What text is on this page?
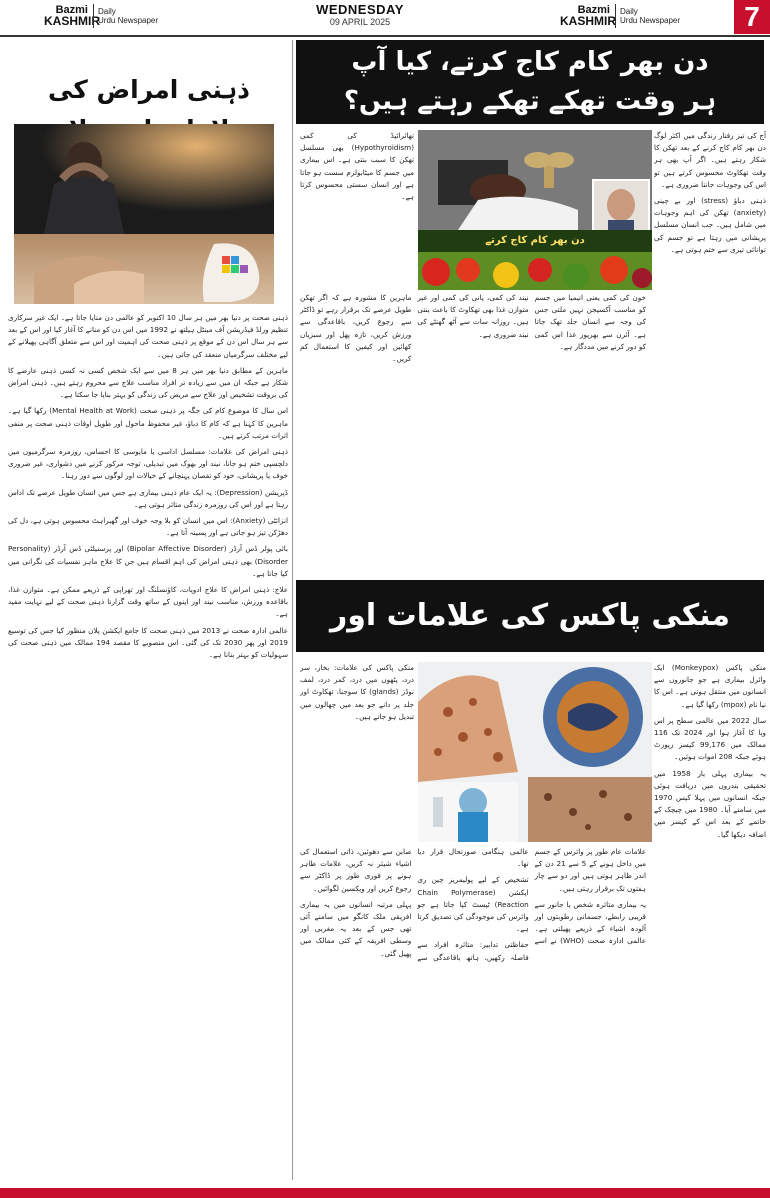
Bazmi
KASHMIR
Daily
Urdu Newspaper
WEDNESDAY
09 APRIL 2025
Bazmi
KASHMIR
Daily
Urdu Newspaper	7
ذہنی امراض کی

ذہنی صحت پر دنیا بھر میں ہر سال 10 اکتوبر کو عالمی دن منایا جاتا ہے۔ ایک غیر سرکاری تنظیم ورلڈ فیڈریشن آف مینٹل ہیلتھ نے 1992 میں اس دن کو منانے کا آغاز کیا اور اس کے بعد سے ہر سال اس دن کے موقع پر ذہنی صحت کی اہمیت اور اس سے متعلق آگاہی پھیلانے کے لیے مختلف سرگرمیاں منعقد کی جاتی ہیں۔

ماہرین کے مطابق دنیا بھر میں ہر 8 میں سے ایک شخص کسی نہ کسی ذہنی عارضے کا شکار ہے جبکہ ان میں سے زیادہ تر افراد مناسب علاج سے محروم رہتے ہیں۔ ذہنی امراض کی بروقت تشخیص اور علاج سے مریض کی زندگی کو بہتر بنایا جا سکتا ہے۔

اس سال کا موضوع کام کی جگہ پر ذہنی صحت (Mental Health at Work) رکھا گیا ہے۔ ماہرین کا کہنا ہے کہ کام کا دباؤ، غیر محفوظ ماحول اور طویل اوقات ذہنی صحت پر منفی اثرات مرتب کرتے ہیں۔

ذہنی امراض کی علامات: مسلسل اداسی یا مایوسی کا احساس، روزمرہ سرگرمیوں میں دلچسپی ختم ہو جانا، نیند اور بھوک میں تبدیلی، توجہ مرکوز کرنے میں دشواری، غیر ضروری خوف یا پریشانی، خود کو نقصان پہنچانے کے خیالات اور لوگوں سے دور رہنا۔

ڈپریشن (Depression): یہ ایک عام ذہنی بیماری ہے جس میں انسان طویل عرصے تک اداس رہتا ہے اور اس کی روزمرہ زندگی متاثر ہوتی ہے۔

انزائٹی (Anxiety): اس میں انسان کو بلا وجہ خوف اور گھبراہٹ محسوس ہوتی ہے، دل کی دھڑکن تیز ہو جاتی ہے اور پسینہ آتا ہے۔

بائی پولر ڈس آرڈر (Bipolar Affective Disorder) اور پرسنیلٹی ڈس آرڈر (Personality Disorder) بھی ذہنی امراض کی اہم اقسام ہیں جن کا علاج ماہر نفسیات کی نگرانی میں کیا جاتا ہے۔

علاج: ذہنی امراض کا علاج ادویات، کاؤنسلنگ اور تھراپی کے ذریعے ممکن ہے۔ متوازن غذا، باقاعدہ ورزش، مناسب نیند اور اپنوں کے ساتھ وقت گزارنا ذہنی صحت کے لیے نہایت مفید ہے۔

عالمی ادارہ صحت نے 2013 میں ذہنی صحت کا جامع ایکشن پلان منظور کیا جس کی توسیع 2019 اور پھر 2030 تک کی گئی۔ اس منصوبے کا مقصد 194 ممالک میں ذہنی صحت کی سہولیات کو بہتر بنانا ہے۔

دن بھر کام کاج کرتے، کیا آپ
ہر وقت تھکے تھکے رہتے ہیں؟
دن بھر کام کاج کرتے

آج کی تیز رفتار زندگی میں اکثر لوگ دن بھر کام کاج کرنے کے بعد تھکن کا شکار رہتے ہیں۔ اگر آپ بھی ہر وقت تھکاوٹ محسوس کرتے ہیں تو اس کی وجوہات جاننا ضروری ہے۔

ذہنی دباؤ (stress) اور بے چینی (anxiety) تھکن کی اہم وجوہات میں شامل ہیں۔ جب انسان مسلسل پریشانی میں رہتا ہے تو جسم کی توانائی تیزی سے ختم ہوتی ہے۔

تھائرائیڈ کی کمی (Hypothyroidism) بھی مسلسل تھکن کا سبب بنتی ہے۔ اس بیماری میں جسم کا میٹابولزم سست ہو جاتا ہے اور انسان سستی محسوس کرتا ہے۔

خون کی کمی یعنی انیمیا میں جسم کو مناسب آکسیجن نہیں ملتی جس کی وجہ سے انسان جلد تھک جاتا ہے۔ آئرن سے بھرپور غذا اس کمی کو دور کرنے میں مددگار ہے۔

نیند کی کمی، پانی کی کمی اور غیر متوازن غذا بھی تھکاوٹ کا باعث بنتی ہیں۔ روزانہ سات سے آٹھ گھنٹے کی نیند ضروری ہے۔

ماہرین کا مشورہ ہے کہ اگر تھکن طویل عرصے تک برقرار رہے تو ڈاکٹر سے رجوع کریں، باقاعدگی سے ورزش کریں، تازہ پھل اور سبزیاں کھائیں اور کیفین کا استعمال کم کریں۔

منکی پاکس کی علامات اور

منکی پاکس (Monkeypox) ایک وائرل بیماری ہے جو جانوروں سے انسانوں میں منتقل ہوتی ہے۔ اس کا نیا نام (mpox) رکھا گیا ہے۔

سال 2022 میں عالمی سطح پر اس وبا کا آغاز ہوا اور 2024 تک 116 ممالک میں 99,176 کیسز رپورٹ ہوئے جبکہ 208 اموات ہوئیں۔

یہ بیماری پہلی بار 1958 میں تحقیقی بندروں میں دریافت ہوئی جبکہ انسانوں میں پہلا کیس 1970 میں سامنے آیا۔ 1980 میں چیچک کے خاتمے کے بعد اس کے کیسز میں اضافہ دیکھا گیا۔

منکی پاکس کی علامات: بخار، سر درد، پٹھوں میں درد، کمر درد، لمف نوڈز (glands) کا سوجنا، تھکاوٹ اور جلد پر دانے جو بعد میں چھالوں میں تبدیل ہو جاتے ہیں۔

علامات عام طور پر وائرس کے جسم میں داخل ہونے کے 5 سے 21 دن کے اندر ظاہر ہوتی ہیں اور دو سے چار ہفتوں تک برقرار رہتی ہیں۔

یہ بیماری متاثرہ شخص یا جانور سے قریبی رابطے، جسمانی رطوبتوں اور آلودہ اشیاء کے ذریعے پھیلتی ہے۔ عالمی ادارہ صحت (WHO) نے اسے عالمی ہنگامی صورتحال قرار دیا تھا۔

تشخیص کے لیے پولیمریز چین ری ایکشن (Chain Polymerase Reaction) ٹیسٹ کیا جاتا ہے جو وائرس کی موجودگی کی تصدیق کرتا ہے۔

حفاظتی تدابیر: متاثرہ افراد سے فاصلہ رکھیں، ہاتھ باقاعدگی سے صابن سے دھوئیں، ذاتی استعمال کی اشیاء شیئر نہ کریں، علامات ظاہر ہونے پر فوری طور پر ڈاکٹر سے رجوع کریں اور ویکسین لگوائیں۔

پہلی مرتبہ انسانوں میں یہ بیماری افریقی ملک کانگو میں سامنے آئی تھی جس کے بعد یہ مغربی اور وسطی افریقہ کے کئی ممالک میں پھیل گئی۔
